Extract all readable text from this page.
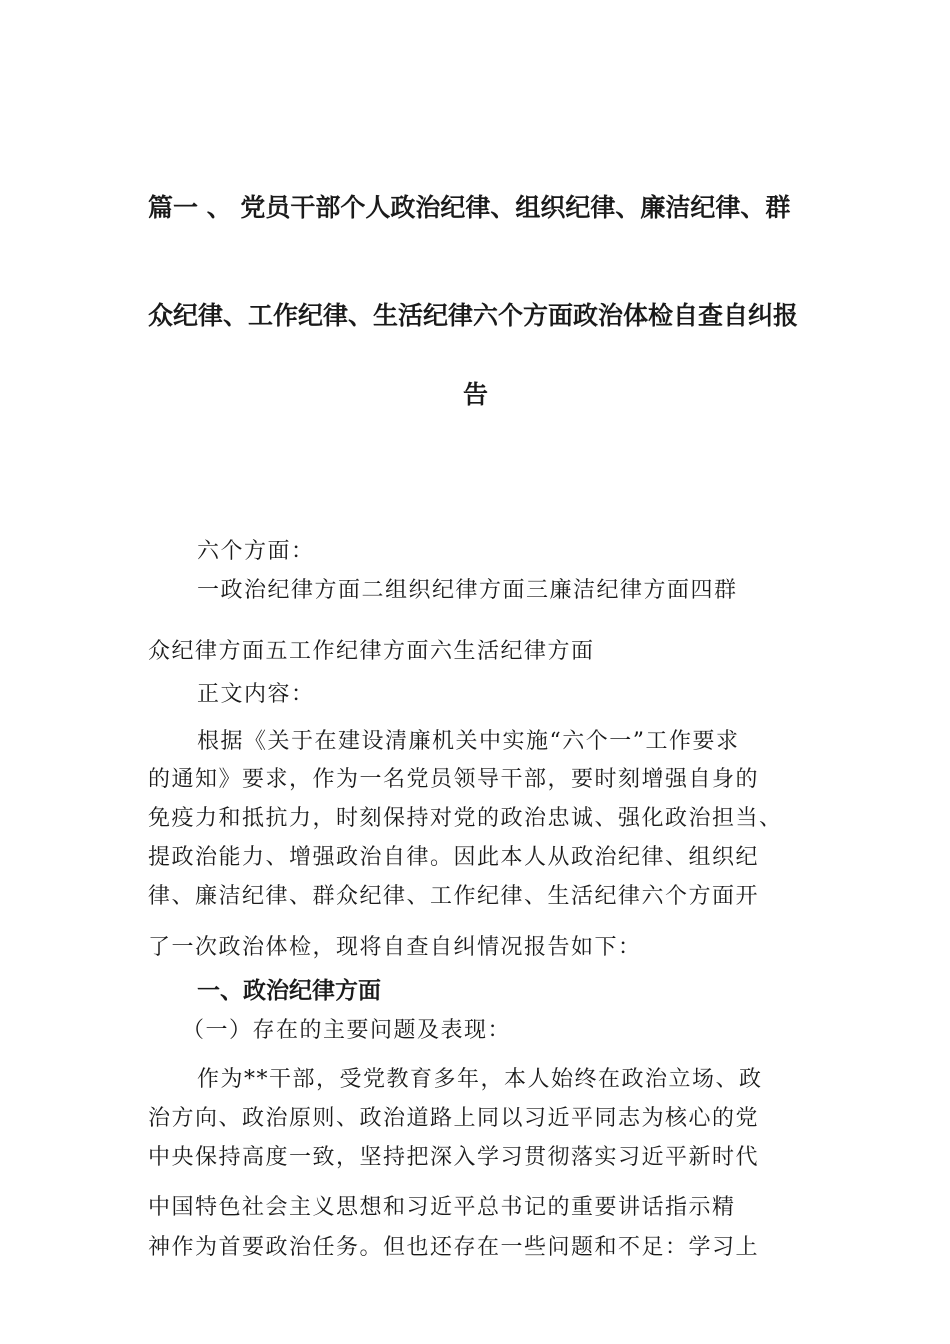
篇一 、 党员干部个人政治纪律、组织纪律、廉洁纪律、群
众纪律、工作纪律、生活纪律六个方面政治体检自查自纠报
告

六个方面：

一政治纪律方面二组织纪律方面三廉洁纪律方面四群

众纪律方面五工作纪律方面六生活纪律方面

正文内容：

根据《关于在建设清廉机关中实施“六个一”工作要求

的通知》要求，作为一名党员领导干部，要时刻增强自身的

免疫力和抵抗力，时刻保持对党的政治忠诚、强化政治担当、

提政治能力、增强政治自律。因此本人从政治纪律、组织纪

律、廉洁纪律、群众纪律、工作纪律、生活纪律六个方面开

了一次政治体检，现将自查自纠情况报告如下：

一、政治纪律方面

（一）存在的主要问题及表现：

作为**干部，受党教育多年，本人始终在政治立场、政

治方向、政治原则、政治道路上同以习近平同志为核心的党

中央保持高度一致，坚持把深入学习贯彻落实习近平新时代

中国特色社会主义思想和习近平总书记的重要讲话指示精

神作为首要政治任务。但也还存在一些问题和不足：学习上
